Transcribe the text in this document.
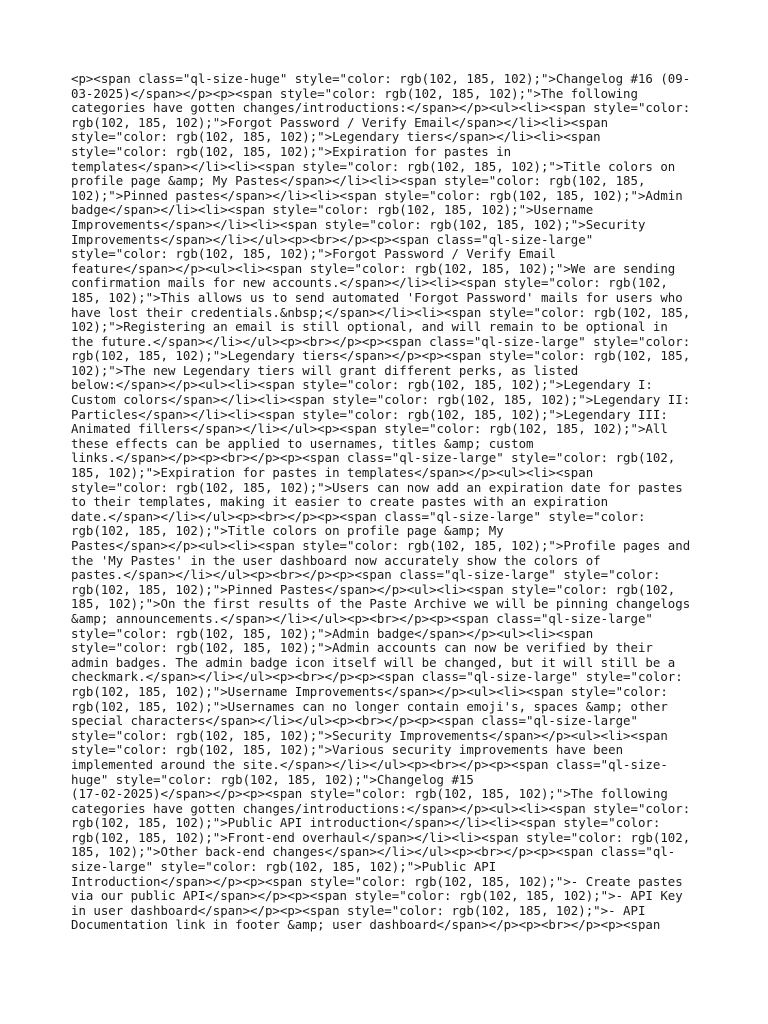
<p><span class="ql-size-huge" style="color: rgb(102, 185, 102);">Changelog #16 (09-

03-2025)</span></p><p><span style="color: rgb(102, 185, 102);">The following

categories have gotten changes/introductions:</span></p><ul><li><span style="color:

rgb(102, 185, 102);">Forgot Password / Verify Email</span></li><li><span

style="color: rgb(102, 185, 102);">Legendary tiers</span></li><li><span

style="color: rgb(102, 185, 102);">Expiration for pastes in

templates</span></li><li><span style="color: rgb(102, 185, 102);">Title colors on

profile page &amp; My Pastes</span></li><li><span style="color: rgb(102, 185,

102);">Pinned pastes</span></li><li><span style="color: rgb(102, 185, 102);">Admin

badge</span></li><li><span style="color: rgb(102, 185, 102);">Username

Improvements</span></li><li><span style="color: rgb(102, 185, 102);">Security

Improvements</span></li></ul><p><br></p><p><span class="ql-size-large"

style="color: rgb(102, 185, 102);">Forgot Password / Verify Email

feature</span></p><ul><li><span style="color: rgb(102, 185, 102);">We are sending

confirmation mails for new accounts.</span></li><li><span style="color: rgb(102,

185, 102);">This allows us to send automated 'Forgot Password' mails for users who

have lost their credentials.&nbsp;</span></li><li><span style="color: rgb(102, 185,

102);">Registering an email is still optional, and will remain to be optional in

the future.</span></li></ul><p><br></p><p><span class="ql-size-large" style="color:

rgb(102, 185, 102);">Legendary tiers</span></p><p><span style="color: rgb(102, 185,

102);">The new Legendary tiers will grant different perks, as listed

below:</span></p><ul><li><span style="color: rgb(102, 185, 102);">Legendary I:

Custom colors</span></li><li><span style="color: rgb(102, 185, 102);">Legendary II:

Particles</span></li><li><span style="color: rgb(102, 185, 102);">Legendary III:

Animated fillers</span></li></ul><p><span style="color: rgb(102, 185, 102);">All

these effects can be applied to usernames, titles &amp; custom

links.</span></p><p><br></p><p><span class="ql-size-large" style="color: rgb(102,

185, 102);">Expiration for pastes in templates</span></p><ul><li><span

style="color: rgb(102, 185, 102);">Users can now add an expiration date for pastes

to their templates, making it easier to create pastes with an expiration

date.</span></li></ul><p><br></p><p><span class="ql-size-large" style="color:

rgb(102, 185, 102);">Title colors on profile page &amp; My

Pastes</span></p><ul><li><span style="color: rgb(102, 185, 102);">Profile pages and

the 'My Pastes' in the user dashboard now accurately show the colors of

pastes.</span></li></ul><p><br></p><p><span class="ql-size-large" style="color:

rgb(102, 185, 102);">Pinned Pastes</span></p><ul><li><span style="color: rgb(102,

185, 102);">On the first results of the Paste Archive we will be pinning changelogs

&amp; announcements.</span></li></ul><p><br></p><p><span class="ql-size-large"

style="color: rgb(102, 185, 102);">Admin badge</span></p><ul><li><span

style="color: rgb(102, 185, 102);">Admin accounts can now be verified by their

admin badges. The admin badge icon itself will be changed, but it will still be a

checkmark.</span></li></ul><p><br></p><p><span class="ql-size-large" style="color:

rgb(102, 185, 102);">Username Improvements</span></p><ul><li><span style="color:

rgb(102, 185, 102);">Usernames can no longer contain emoji's, spaces &amp; other

special characters</span></li></ul><p><br></p><p><span class="ql-size-large"

style="color: rgb(102, 185, 102);">Security Improvements</span></p><ul><li><span

style="color: rgb(102, 185, 102);">Various security improvements have been

implemented around the site.</span></li></ul><p><br></p><p><span class="ql-size-

huge" style="color: rgb(102, 185, 102);">Changelog #15

(17-02-2025)</span></p><p><span style="color: rgb(102, 185, 102);">The following

categories have gotten changes/introductions:</span></p><ul><li><span style="color:

rgb(102, 185, 102);">Public API introduction</span></li><li><span style="color:

rgb(102, 185, 102);">Front-end overhaul</span></li><li><span style="color: rgb(102,

185, 102);">Other back-end changes</span></li></ul><p><br></p><p><span class="ql-

size-large" style="color: rgb(102, 185, 102);">Public API

Introduction</span></p><p><span style="color: rgb(102, 185, 102);">- Create pastes

via our public API</span></p><p><span style="color: rgb(102, 185, 102);">- API Key

in user dashboard</span></p><p><span style="color: rgb(102, 185, 102);">- API

Documentation link in footer &amp; user dashboard</span></p><p><br></p><p><span
